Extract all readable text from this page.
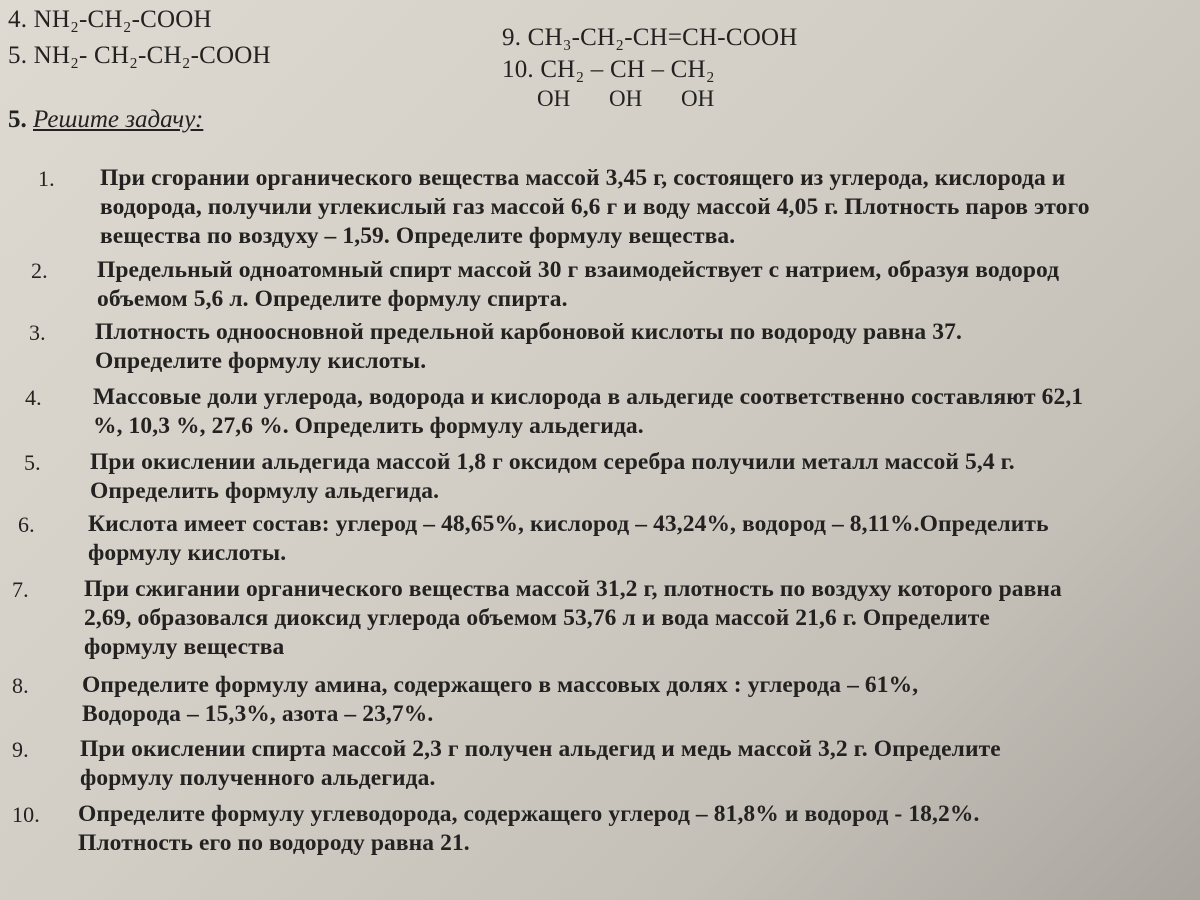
4. NH₂-CH₂-COOH
5. NH₂- CH₂-CH₂-COOH
9. CH₃-CH₂-CH=CH-COOH
10. CH₂ – CH – CH₂
OH OH OH
5. Решите задачу:
1. При сгорании органического вещества массой 3,45 г, состоящего из углерода, кислорода и
водорода, получили углекислый газ массой 6,6 г и воду массой 4,05 г. Плотность паров этого
вещества по воздуху – 1,59. Определите формулу вещества.
2. Предельный одноатомный спирт массой 30 г взаимодействует с натрием, образуя водород
объемом 5,6 л. Определите формулу спирта.
3. Плотность одноосновной предельной карбоновой кислоты по водороду равна 37.
Определите формулу кислоты.
4. Массовые доли углерода, водорода и кислорода в альдегиде соответственно составляют 62,1
%, 10,3 %, 27,6 %. Определить формулу альдегида.
5. При окислении альдегида массой 1,8 г оксидом серебра получили металл массой 5,4 г.
Определить формулу альдегида.
6. Кислота имеет состав: углерод – 48,65%, кислород – 43,24%, водород – 8,11%.Определить
формулу кислоты.
7. При сжигании органического вещества массой 31,2 г, плотность по воздуху которого равна
2,69, образовался диоксид углерода объемом 53,76 л и вода массой 21,6 г. Определите
формулу вещества
8. Определите формулу амина, содержащего в массовых долях : углерода – 61%,
Водорода – 15,3%, азота – 23,7%.
9. При окислении спирта массой 2,3 г получен альдегид и медь массой 3,2 г. Определите
формулу полученного альдегида.
10. Определите формулу углеводорода, содержащего углерод – 81,8% и водород - 18,2%.
Плотность его по водороду равна 21.
